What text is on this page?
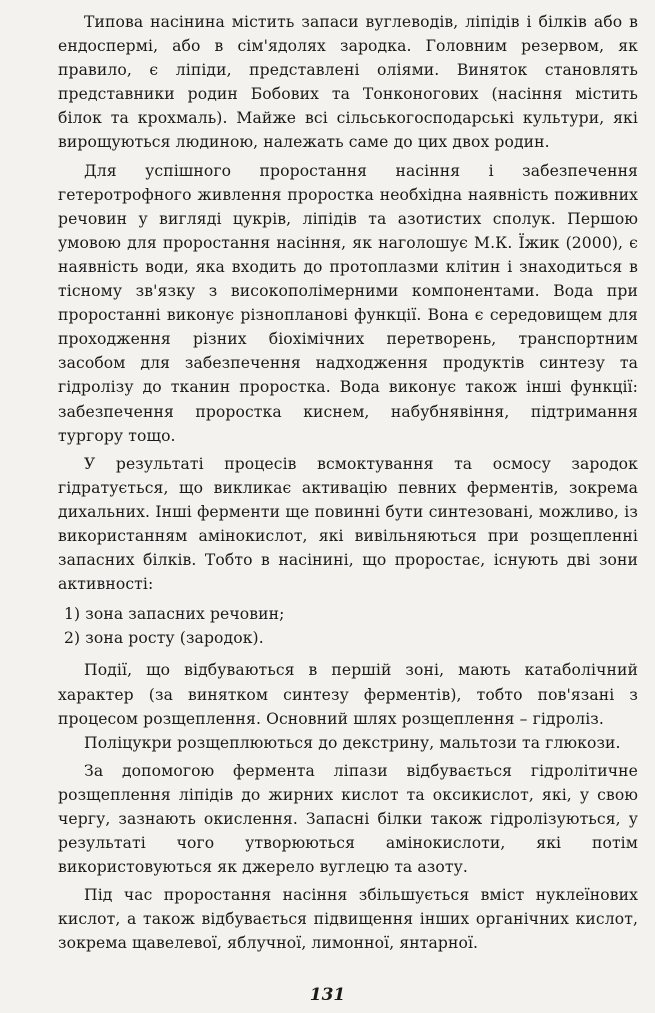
Типова насінина містить запаси вуглеводів, ліпідів і білків або в ендоспермі, або в сім'ядолях зародка. Головним резервом, як правило, є ліпіди, представлені оліями. Виняток становлять представники родин Бобових та Тонконогових (насіння містить білок та крохмаль). Майже всі сільськогосподарські культури, які вирощуються людиною, належать саме до цих двох родин.

Для успішного проростання насіння і забезпечення гетеротрофного живлення проростка необхідна наявність поживних речовин у вигляді цукрів, ліпідів та азотистих сполук. Першою умовою для проростання насіння, як наголошує М.К. Їжик (2000), є наявність води, яка входить до протоплазми клітин і знаходиться в тісному зв'язку з високополімерними компонентами. Вода при проростанні виконує різнопланові функції. Вона є середовищем для проходження різних біохімічних перетворень, транспортним засобом для забезпечення надходження продуктів синтезу та гідролізу до тканин проростка. Вода виконує також інші функції: забезпечення проростка киснем, набубнявіння, підтримання тургору тощо.

У результаті процесів всмоктування та осмосу зародок гідратується, що викликає активацію певних ферментів, зокрема дихальних. Інші ферменти ще повинні бути синтезовані, можливо, із використанням амінокислот, які вивільняються при розщепленні запасних білків. Тобто в насінині, що проростає, існують дві зони активності:

1) зона запасних речовин;
2) зона росту (зародок).

Події, що відбуваються в першій зоні, мають катаболічний характер (за винятком синтезу ферментів), тобто пов'язані з процесом розщеплення. Основний шлях розщеплення – гідроліз.

Поліцукри розщеплюються до декстрину, мальтози та глюкози.

За допомогою фермента ліпази відбувається гідролітичне розщеплення ліпідів до жирних кислот та оксикислот, які, у свою чергу, зазнають окислення. Запасні білки також гідролізуються, у результаті чого утворюються амінокислоти, які потім використовуються як джерело вуглецю та азоту.

Під час проростання насіння збільшується вміст нуклеїнових кислот, а також відбувається підвищення інших органічних кислот, зокрема щавелевої, яблучної, лимонної, янтарної.

131
